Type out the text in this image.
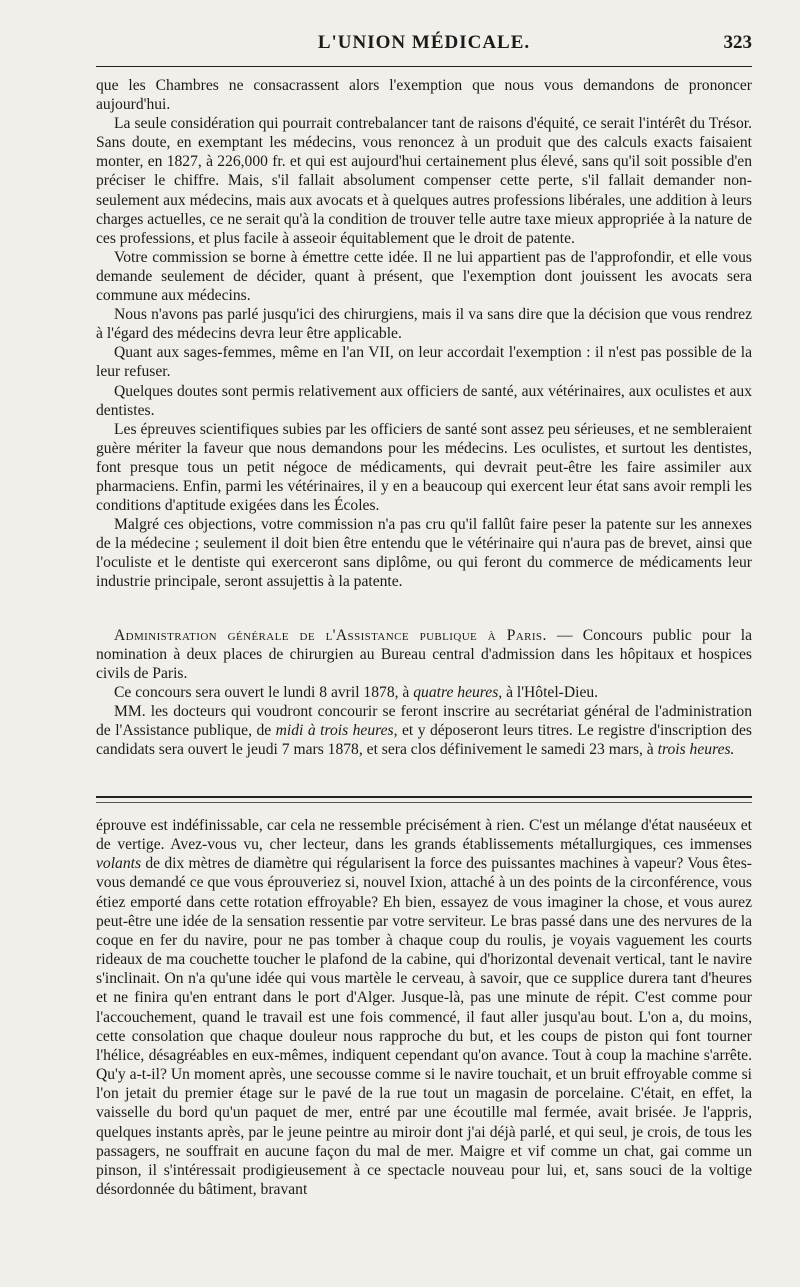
L'UNION MÉDICALE.	323

que les Chambres ne consacrassent alors l'exemption que nous vous demandons de prononcer aujourd'hui.

La seule considération qui pourrait contrebalancer tant de raisons d'équité, ce serait l'intérêt du Trésor. Sans doute, en exemptant les médecins, vous renoncez à un produit que des calculs exacts faisaient monter, en 1827, à 226,000 fr. et qui est aujourd'hui certainement plus élevé, sans qu'il soit possible d'en préciser le chiffre. Mais, s'il fallait absolument compenser cette perte, s'il fallait demander non-seulement aux médecins, mais aux avocats et à quelques autres professions libérales, une addition à leurs charges actuelles, ce ne serait qu'à la condition de trouver telle autre taxe mieux appropriée à la nature de ces professions, et plus facile à asseoir équitablement que le droit de patente.

Votre commission se borne à émettre cette idée. Il ne lui appartient pas de l'approfondir, et elle vous demande seulement de décider, quant à présent, que l'exemption dont jouissent les avocats sera commune aux médecins.

Nous n'avons pas parlé jusqu'ici des chirurgiens, mais il va sans dire que la décision que vous rendrez à l'égard des médecins devra leur être applicable.

Quant aux sages-femmes, même en l'an VII, on leur accordait l'exemption : il n'est pas possible de la leur refuser.

Quelques doutes sont permis relativement aux officiers de santé, aux vétérinaires, aux oculistes et aux dentistes.

Les épreuves scientifiques subies par les officiers de santé sont assez peu sérieuses, et ne sembleraient guère mériter la faveur que nous demandons pour les médecins. Les oculistes, et surtout les dentistes, font presque tous un petit négoce de médicaments, qui devrait peut-être les faire assimiler aux pharmaciens. Enfin, parmi les vétérinaires, il y en a beaucoup qui exercent leur état sans avoir rempli les conditions d'aptitude exigées dans les Écoles.

Malgré ces objections, votre commission n'a pas cru qu'il fallût faire peser la patente sur les annexes de la médecine ; seulement il doit bien être entendu que le vétérinaire qui n'aura pas de brevet, ainsi que l'oculiste et le dentiste qui exerceront sans diplôme, ou qui feront du commerce de médicaments leur industrie principale, seront assujettis à la patente.

Administration générale de l'Assistance publique à Paris. — Concours public pour la nomination à deux places de chirurgien au Bureau central d'admission dans les hôpitaux et hospices civils de Paris.

Ce concours sera ouvert le lundi 8 avril 1878, à quatre heures, à l'Hôtel-Dieu.

MM. les docteurs qui voudront concourir se feront inscrire au secrétariat général de l'administration de l'Assistance publique, de midi à trois heures, et y déposeront leurs titres. Le registre d'inscription des candidats sera ouvert le jeudi 7 mars 1878, et sera clos définivement le samedi 23 mars, à trois heures.

éprouve est indéfinissable, car cela ne ressemble précisément à rien. C'est un mélange d'état nauséeux et de vertige. Avez-vous vu, cher lecteur, dans les grands établissements métallurgiques, ces immenses volants de dix mètres de diamètre qui régularisent la force des puissantes machines à vapeur? Vous êtes-vous demandé ce que vous éprouveriez si, nouvel Ixion, attaché à un des points de la circonférence, vous étiez emporté dans cette rotation effroyable? Eh bien, essayez de vous imaginer la chose, et vous aurez peut-être une idée de la sensation ressentie par votre serviteur. Le bras passé dans une des nervures de la coque en fer du navire, pour ne pas tomber à chaque coup du roulis, je voyais vaguement les courts rideaux de ma couchette toucher le plafond de la cabine, qui d'horizontal devenait vertical, tant le navire s'inclinait. On n'a qu'une idée qui vous martèle le cerveau, à savoir, que ce supplice durera tant d'heures et ne finira qu'en entrant dans le port d'Alger. Jusque-là, pas une minute de répit. C'est comme pour l'accouchement, quand le travail est une fois commencé, il faut aller jusqu'au bout. L'on a, du moins, cette consolation que chaque douleur nous rapproche du but, et les coups de piston qui font tourner l'hélice, désagréables en eux-mêmes, indiquent cependant qu'on avance. Tout à coup la machine s'arrête. Qu'y a-t-il? Un moment après, une secousse comme si le navire touchait, et un bruit effroyable comme si l'on jetait du premier étage sur le pavé de la rue tout un magasin de porcelaine. C'était, en effet, la vaisselle du bord qu'un paquet de mer, entré par une écoutille mal fermée, avait brisée. Je l'appris, quelques instants après, par le jeune peintre au miroir dont j'ai déjà parlé, et qui seul, je crois, de tous les passagers, ne souffrait en aucune façon du mal de mer. Maigre et vif comme un chat, gai comme un pinson, il s'intéressait prodigieusement à ce spectacle nouveau pour lui, et, sans souci de la voltige désordonnée du bâtiment, bravant
